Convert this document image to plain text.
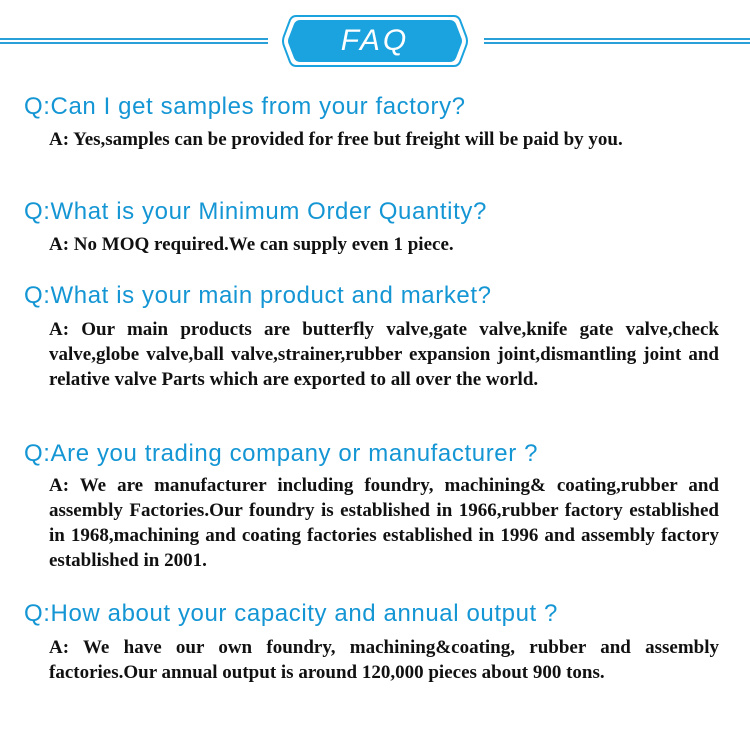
FAQ
Q:Can I get samples from your factory?
A: Yes,samples can be provided for free but freight will be paid by you.
Q:What is your Minimum Order Quantity?
A: No MOQ required.We can supply even 1 piece.
Q:What is your main product and market?
A: Our main products are butterfly valve,gate valve,knife gate valve,check valve,globe valve,ball valve,strainer,rubber expansion joint,dismantling joint and relative valve Parts which are exported to all over the world.
Q:Are you trading company or manufacturer ?
A: We are manufacturer including foundry, machining& coating,rubber and assembly Factories.Our foundry is established in 1966,rubber factory established in 1968,machining and coating factories established in 1996 and assembly factory established in 2001.
Q:How about your capacity and annual output ?
A: We have our own foundry, machining&coating, rubber and assembly factories.Our annual output is around 120,000 pieces about 900 tons.
